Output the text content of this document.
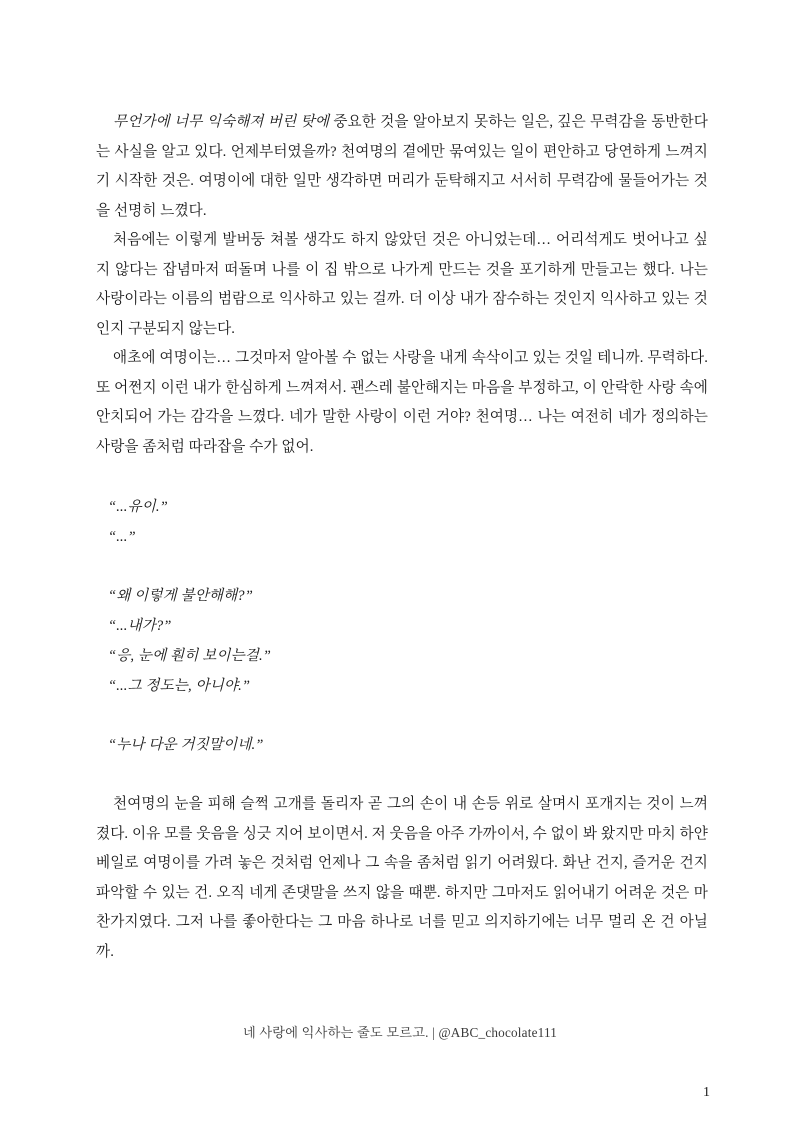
무언가에 너무 익숙해져 버린 탓에 중요한 것을 알아보지 못하는 일은, 깊은 무력감을 동반한다는 사실을 알고 있다. 언제부터였을까? 천여명의 곁에만 묶여있는 일이 편안하고 당연하게 느껴지기 시작한 것은. 여명이에 대한 일만 생각하면 머리가 둔탁해지고 서서히 무력감에 물들어가는 것을 선명히 느꼈다.

처음에는 이렇게 발버둥 쳐볼 생각도 하지 않았던 것은 아니었는데… 어리석게도 벗어나고 싶지 않다는 잡념마저 떠돌며 나를 이 집 밖으로 나가게 만드는 것을 포기하게 만들고는 했다. 나는 사랑이라는 이름의 범람으로 익사하고 있는 걸까. 더 이상 내가 잠수하는 것인지 익사하고 있는 것인지 구분되지 않는다.

애초에 여명이는… 그것마저 알아볼 수 없는 사랑을 내게 속삭이고 있는 것일 테니까. 무력하다. 또 어쩐지 이런 내가 한심하게 느껴져서. 괜스레 불안해지는 마음을 부정하고, 이 안락한 사랑 속에 안치되어 가는 감각을 느꼈다. 네가 말한 사랑이 이런 거야? 천여명… 나는 여전히 네가 정의하는 사랑을 좀처럼 따라잡을 수가 없어.

“...유이.”

“...”

“왜 이렇게 불안해해?”

“...내가?”

“응, 눈에 훤히 보이는걸.”

“...그 정도는, 아니야.”

“누나 다운 거짓말이네.”

천여명의 눈을 피해 슬쩍 고개를 돌리자 곧 그의 손이 내 손등 위로 살며시 포개지는 것이 느껴졌다. 이유 모를 웃음을 싱긋 지어 보이면서. 저 웃음을 아주 가까이서, 수 없이 봐 왔지만 마치 하얀 베일로 여명이를 가려 놓은 것처럼 언제나 그 속을 좀처럼 읽기 어려웠다. 화난 건지, 즐거운 건지 파악할 수 있는 건. 오직 네게 존댓말을 쓰지 않을 때뿐. 하지만 그마저도 읽어내기 어려운 것은 마찬가지였다. 그저 나를 좋아한다는 그 마음 하나로 너를 믿고 의지하기에는 너무 멀리 온 건 아닐까.

네 사랑에 익사하는 줄도 모르고. | @ABC_chocolate111
1
